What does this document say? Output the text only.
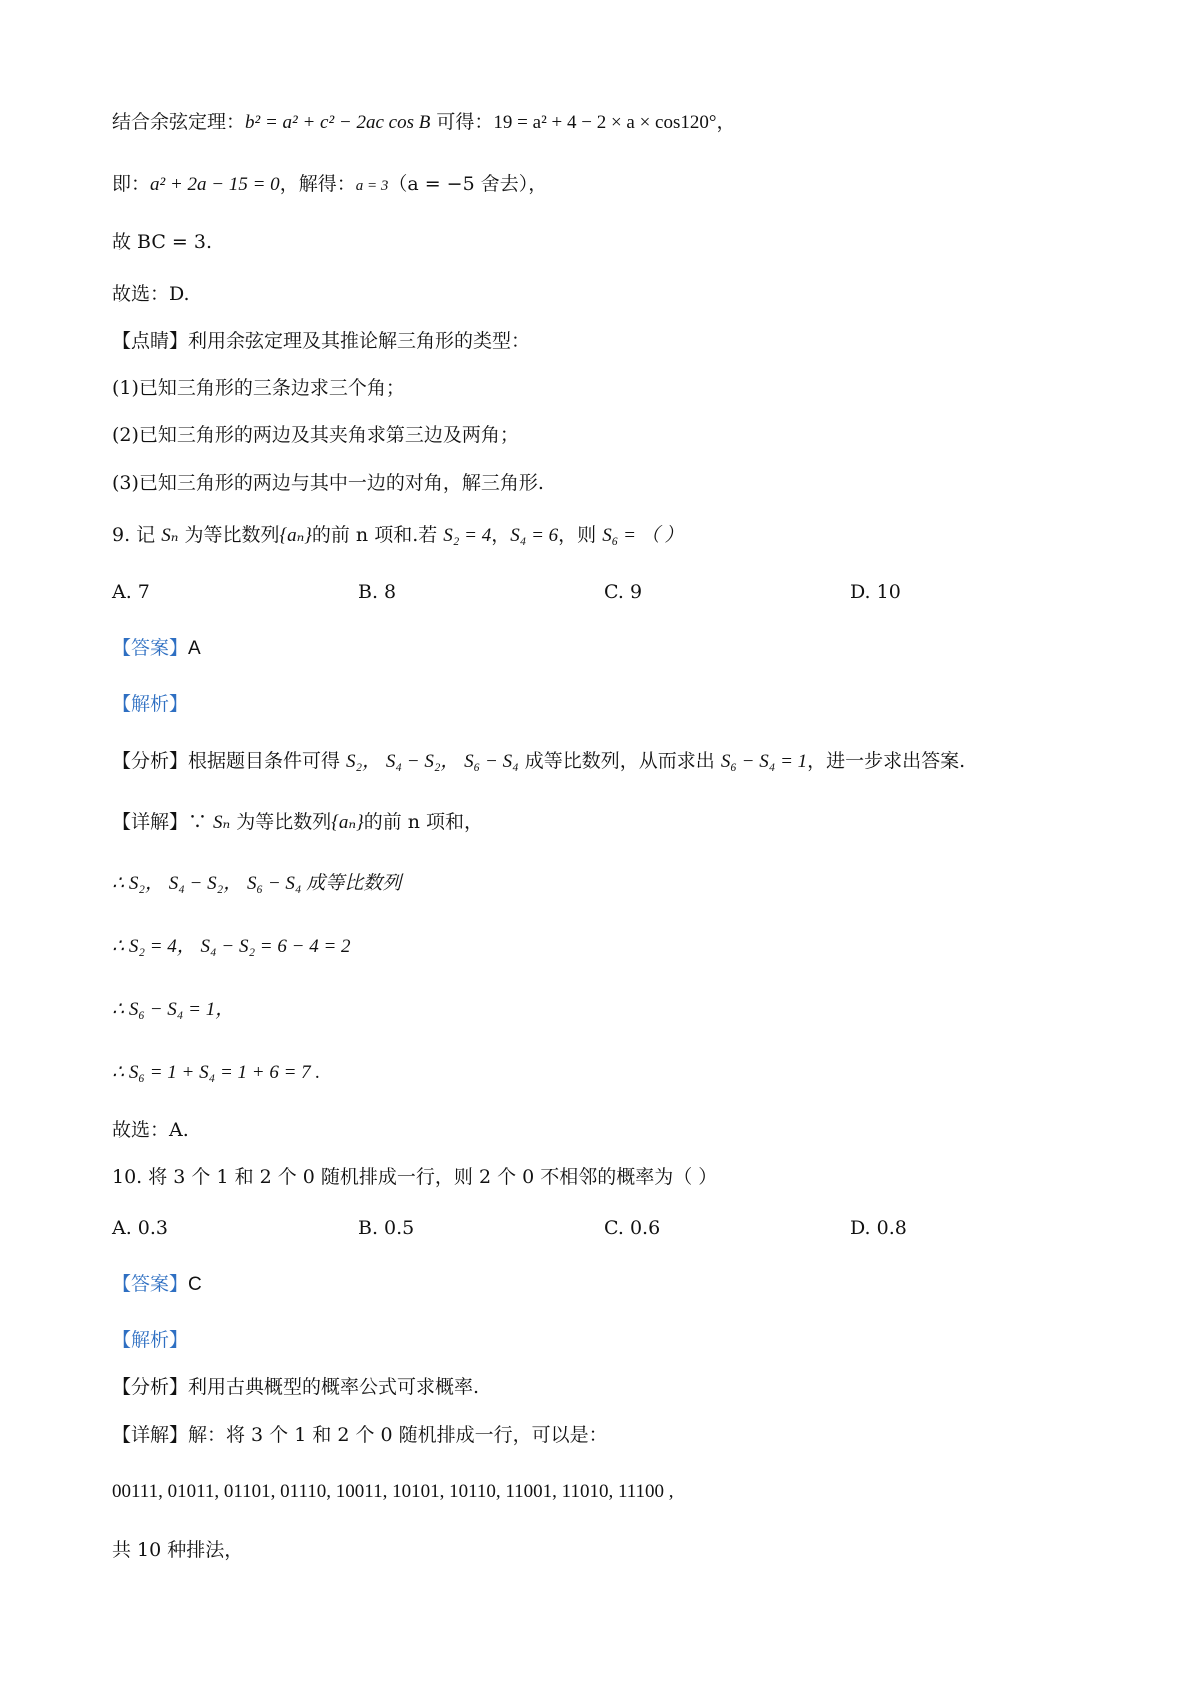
结合余弦定理：b² = a² + c² − 2ac cos B 可得：19 = a² + 4 − 2 × a × cos120°，
即：a² + 2a − 15 = 0，解得：a = 3（a = −5 舍去），
故 BC = 3.
故选：D.
【点睛】利用余弦定理及其推论解三角形的类型：
(1)已知三角形的三条边求三个角；
(2)已知三角形的两边及其夹角求第三边及两角；
(3)已知三角形的两边与其中一边的对角，解三角形.
9. 记 Sₙ 为等比数列{aₙ}的前 n 项和.若 S₂ = 4，S₄ = 6，则 S₆ = （ ）
A. 7	B. 8	C. 9	D. 10
【答案】A
【解析】
【分析】根据题目条件可得 S₂， S₄ − S₂， S₆ − S₄ 成等比数列，从而求出 S₆ − S₄ = 1，进一步求出答案.
【详解】∵ Sₙ 为等比数列{aₙ}的前 n 项和，
∴ S₂， S₄ − S₂， S₆ − S₄ 成等比数列
∴ S₂ = 4， S₄ − S₂ = 6 − 4 = 2
∴ S₆ − S₄ = 1，
∴ S₆ = 1 + S₄ = 1 + 6 = 7 .
故选：A.
10. 将 3 个 1 和 2 个 0 随机排成一行，则 2 个 0 不相邻的概率为（ ）
A. 0.3	B. 0.5	C. 0.6	D. 0.8
【答案】C
【解析】
【分析】利用古典概型的概率公式可求概率.
【详解】解：将 3 个 1 和 2 个 0 随机排成一行，可以是：
00111, 01011, 01101, 01110, 10011, 10101, 10110, 11001, 11010, 11100 ,
共 10 种排法，
